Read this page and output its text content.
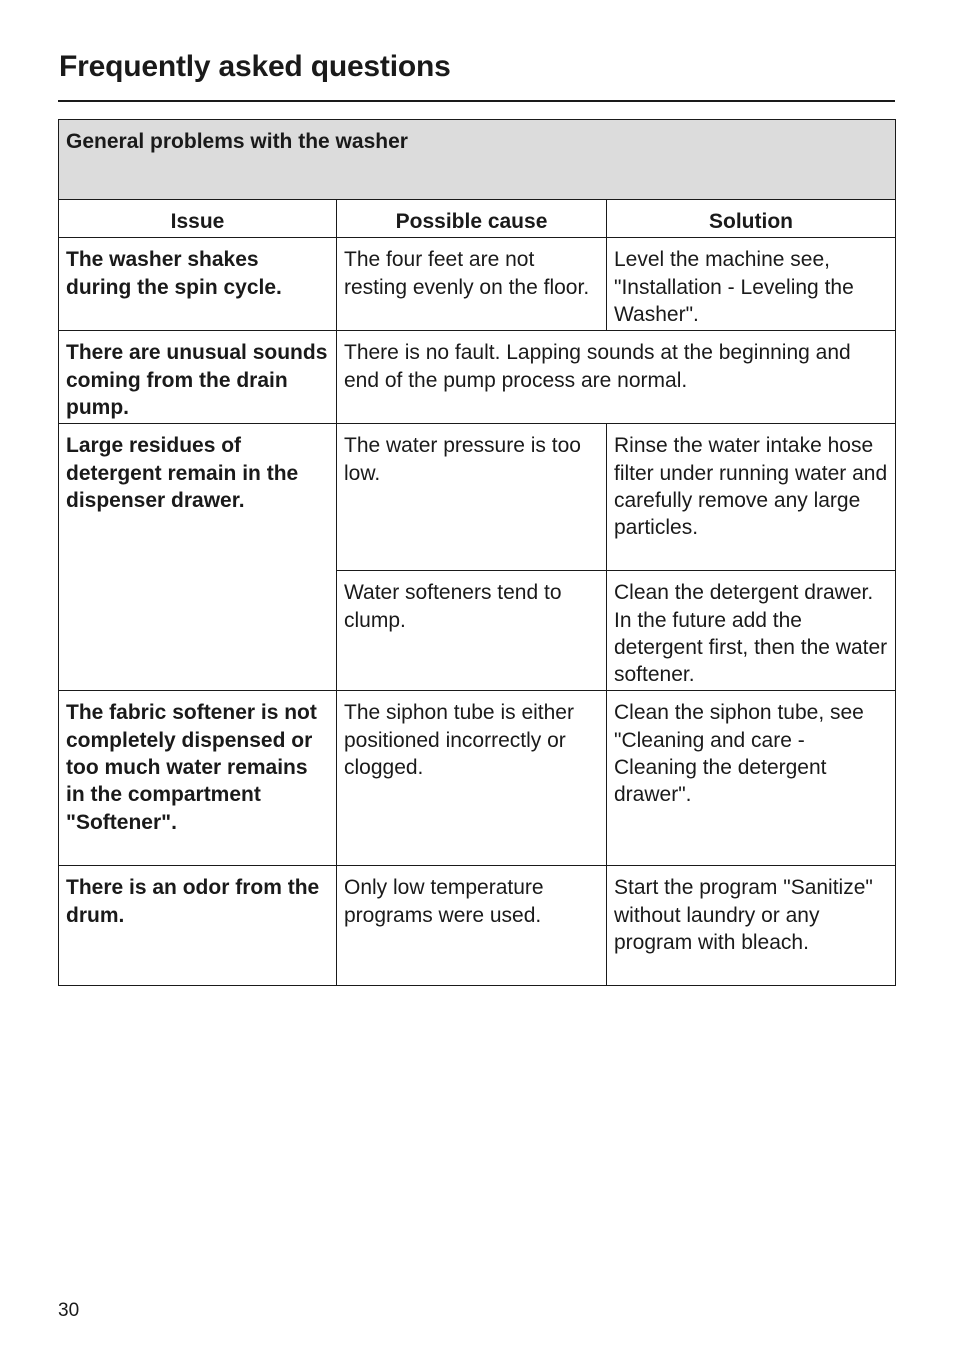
Frequently asked questions
General problems with the washer		
Issue	Possible cause	Solution
The washer shakes during the spin cycle.	The four feet are not resting evenly on the floor.	Level the machine see, "Installation - Leveling the Washer".
There are unusual sounds coming from the drain pump.	There is no fault. Lapping sounds at the beginning and end of the pump process are normal.	
Large residues of detergent remain in the dispenser drawer.	The water pressure is too low.	Rinse the water intake hose filter under running water and carefully remove any large particles.
	Water softeners tend to clump.	Clean the detergent drawer. In the future add the detergent first, then the water softener.
The fabric softener is not completely dispensed or too much water remains in the compartment "Softener".	The siphon tube is either positioned incorrectly or clogged.	Clean the siphon tube, see "Cleaning and care - Cleaning the detergent drawer".
There is an odor from the drum.	Only low temperature programs were used.	Start the program "Sanitize" without laundry or any program with bleach.
30
